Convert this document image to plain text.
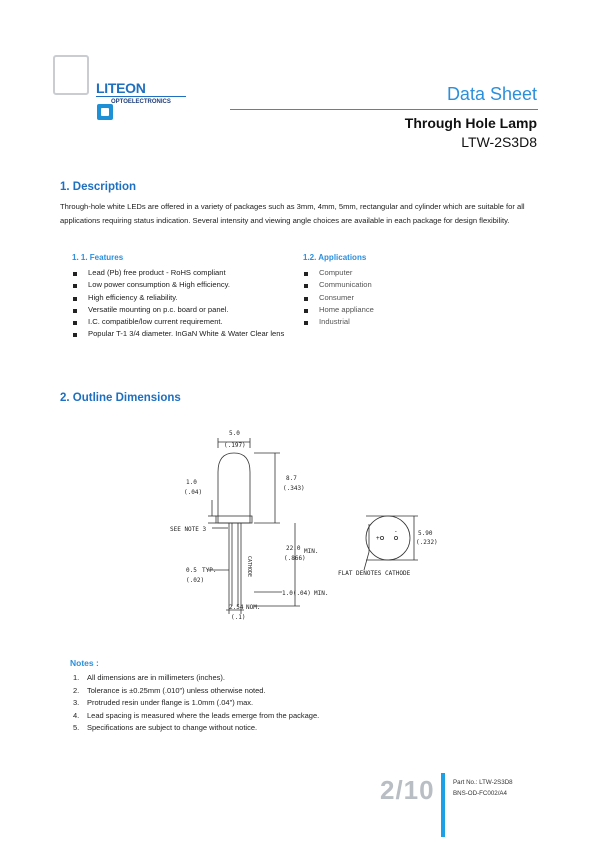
LITEON
OPTOELECTRONICS	Data Sheet
Through Hole Lamp
LTW-2S3D8
1. Description
Through-hole white LEDs are offered in a variety of packages such as 3mm, 4mm, 5mm, rectangular and cylinder which are suitable for all applications requiring status indication. Several intensity and viewing angle choices are available in each package for design flexibility.
1. 1. Features
Lead (Pb) free product - RoHS compliant
Low power consumption & High efficiency.
High efficiency & reliability.
Versatile mounting on p.c. board or panel.
I.C. compatible/low current requirement.
Popular T-1 3/4 diameter. InGaN White & Water Clear lens
1.2. Applications
Computer
Communication
Consumer
Home appliance
Industrial
2. Outline Dimensions
5.0
(.197)
1.0
(.04)
8.7
(.343)
SEE NOTE 3
22.0 MIN.
(.866)
0.5 TYP.
(.02)
1.0(.04) MIN.
2.54 NOM.
(.1)
5.90
(.232)
FLAT DENOTES CATHODE
+
-
CATHODE
Notes :
1. All dimensions are in millimeters (inches).
2. Tolerance is ±0.25mm (.010") unless otherwise noted.
3. Protruded resin under flange is 1.0mm (.04") max.
4. Lead spacing is measured where the leads emerge from the package.
5. Specifications are subject to change without notice.
2/10	Part No.: LTW-2S3D8
BNS-OD-FC002/A4
